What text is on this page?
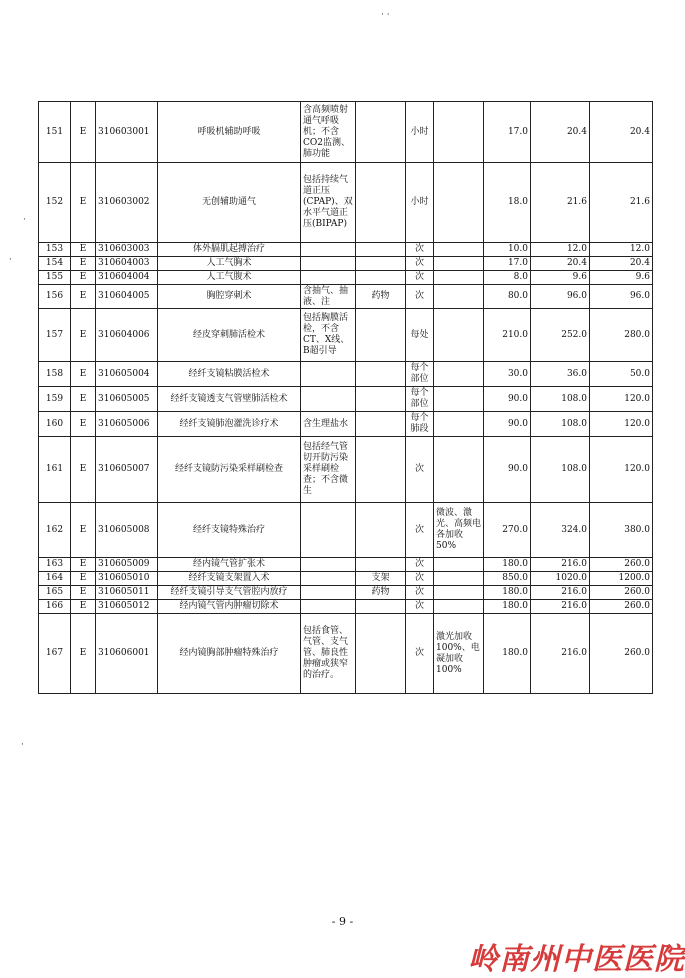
· ·
·
·
·
151	E	310603001	呼吸机辅助呼吸	含高频喷射通气呼吸机；不含CO2监测、肺功能		小时		17.0	20.4	20.4
152	E	310603002	无创辅助通气	包括持续气道正压(CPAP)、双水平气道正压(BIPAP)		小时		18.0	21.6	21.6
153	E	310603003	体外膈肌起搏治疗			次		10.0	12.0	12.0
154	E	310604003	人工气胸术			次		17.0	20.4	20.4
155	E	310604004	人工气腹术			次		8.0	9.6	9.6
156	E	310604005	胸腔穿刺术	含抽气、抽液、注	药物	次		80.0	96.0	96.0
157	E	310604006	经皮穿刺肺活检术	包括胸膜活检，不含CT、X线、B超引导		每处		210.0	252.0	280.0
158	E	310605004	经纤支镜粘膜活检术			每个部位		30.0	36.0	50.0
159	E	310605005	经纤支镜透支气管壁肺活检术			每个部位		90.0	108.0	120.0
160	E	310605006	经纤支镜肺泡灌洗诊疗术	含生理盐水		每个肺段		90.0	108.0	120.0
161	E	310605007	经纤支镜防污染采样刷检查	包括经气管切开防污染采样刷检查；不含微生		次		90.0	108.0	120.0
162	E	310605008	经纤支镜特殊治疗			次	微波、激光、高频电各加收50%	270.0	324.0	380.0
163	E	310605009	经内镜气管扩张术			次		180.0	216.0	260.0
164	E	310605010	经纤支镜支架置入术		支架	次		850.0	1020.0	1200.0
165	E	310605011	经纤支镜引导支气管腔内放疗		药物	次		180.0	216.0	260.0
166	E	310605012	经内镜气管内肿瘤切除术			次		180.0	216.0	260.0
167	E	310606001	经内镜胸部肿瘤特殊治疗	包括食管、气管、支气管、肺良性肿瘤或狭窄的治疗。		次	激光加收100%、电凝加收100%	180.0	216.0	260.0
- 9 -
岭南州中医医院
